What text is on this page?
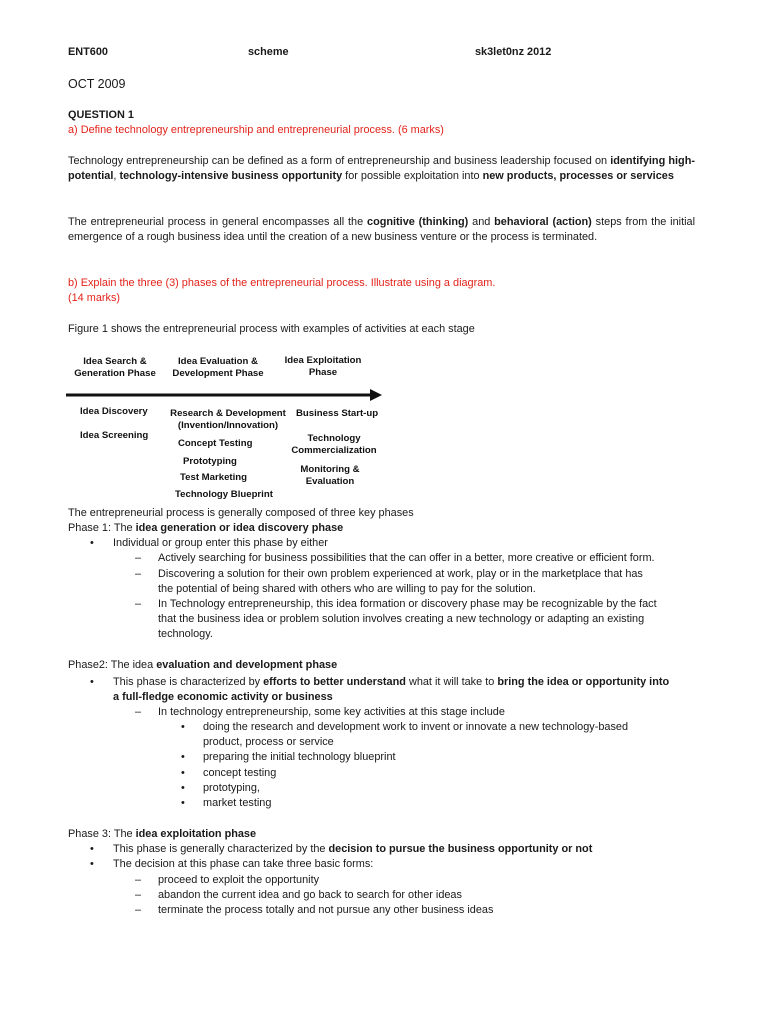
ENT600	scheme	sk3let0nz 2012
OCT 2009
QUESTION 1
a) Define technology entrepreneurship and entrepreneurial process. (6 marks)
Technology entrepreneurship can be defined as a form of entrepreneurship and business leadership focused on identifying high-potential, technology-intensive business opportunity for possible exploitation into new products, processes or services
The entrepreneurial process in general encompasses all the cognitive (thinking) and behavioral (action) steps from the initial emergence of a rough business idea until the creation of a new business venture or the process is terminated.
b) Explain the three (3) phases of the entrepreneurial process. Illustrate using a diagram.
(14 marks)
Figure 1 shows the entrepreneurial process with examples of activities at each stage
Idea Search &
Generation Phase
Idea Evaluation &
Development Phase
Idea Exploitation
Phase
Idea Discovery
Idea Screening
Research & Development
(Invention/Innovation)
Concept Testing
Prototyping
Test Marketing
Technology Blueprint
Business Start-up
Technology
Commercialization
Monitoring &
Evaluation
The entrepreneurial process is generally composed of three key phases
Phase 1: The idea generation or idea discovery phase
• Individual or group enter this phase by either
– Actively searching for business possibilities that the can offer in a better, more creative or efficient form.
– Discovering a solution for their own problem experienced at work, play or in the marketplace that has
the potential of being shared with others who are willing to pay for the solution.
– In Technology entrepreneurship, this idea formation or discovery phase may be recognizable by the fact
that the business idea or problem solution involves creating a new technology or adapting an existing
technology.
Phase2: The idea evaluation and development phase
• This phase is characterized by efforts to better understand what it will take to bring the idea or opportunity into
a full-fledge economic activity or business
– In technology entrepreneurship, some key activities at this stage include
• doing the research and development work to invent or innovate a new technology-based
product, process or service
• preparing the initial technology blueprint
• concept testing
• prototyping,
• market testing
Phase 3: The idea exploitation phase
• This phase is generally characterized by the decision to pursue the business opportunity or not
• The decision at this phase can take three basic forms:
– proceed to exploit the opportunity
– abandon the current idea and go back to search for other ideas
– terminate the process totally and not pursue any other business ideas
